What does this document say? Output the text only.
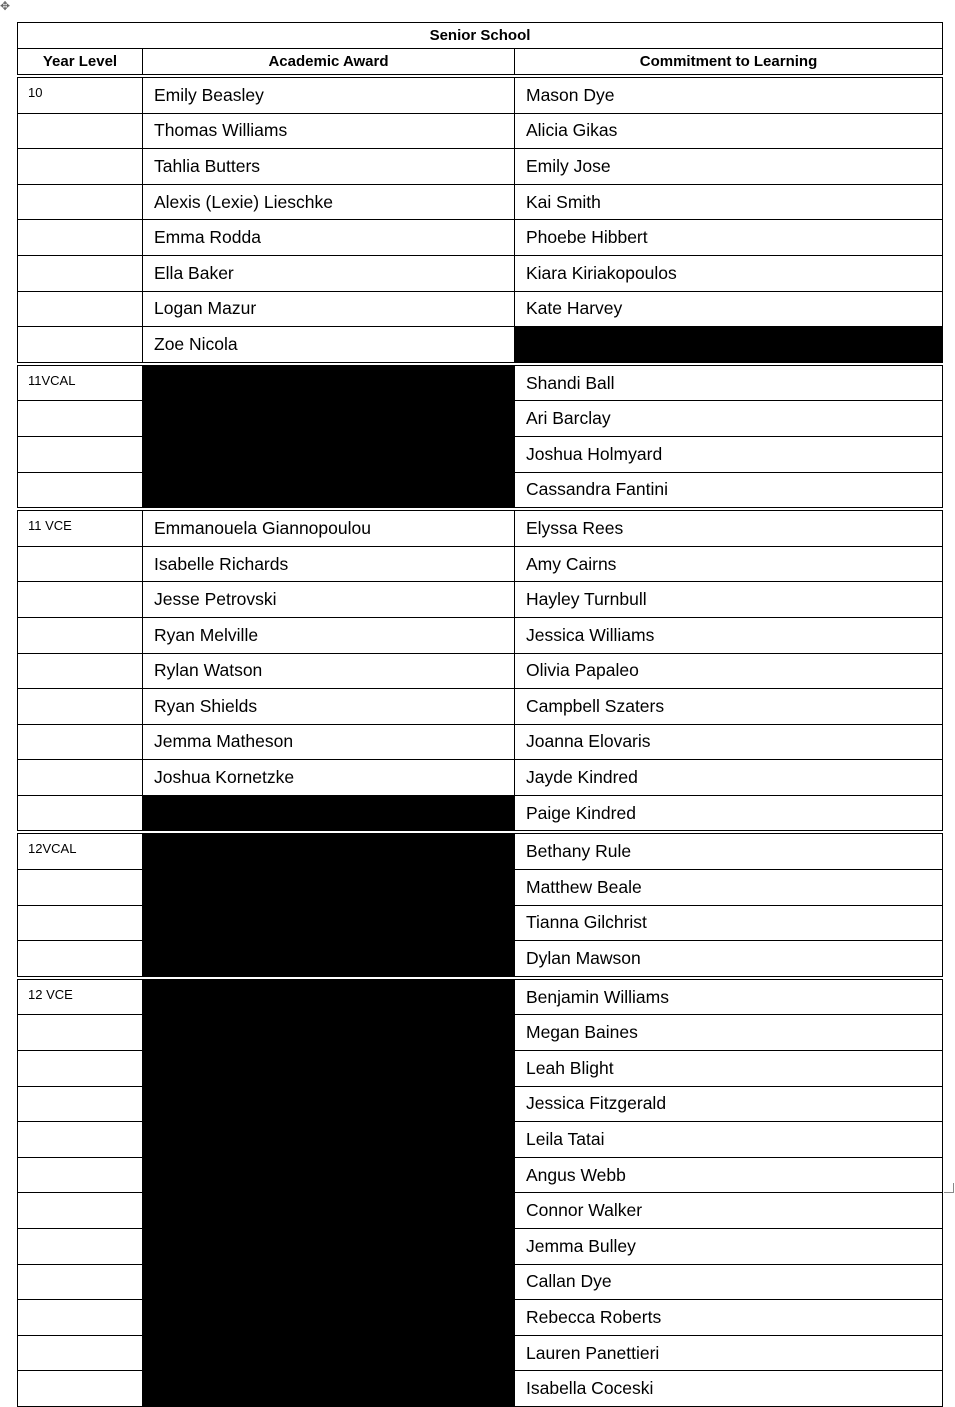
✥
Senior School		
Year Level	Academic Award	Commitment to Learning
10	Emily Beasley	Mason Dye
	Thomas Williams	Alicia Gikas
	Tahlia Butters	Emily Jose
	Alexis (Lexie) Lieschke	Kai Smith
	Emma Rodda	Phoebe Hibbert
	Ella Baker	Kiara Kiriakopoulos
	Logan Mazur	Kate Harvey
	Zoe Nicola	
11VCAL		Shandi Ball
		Ari Barclay
		Joshua Holmyard
		Cassandra Fantini
11 VCE	Emmanouela Giannopoulou	Elyssa Rees
	Isabelle Richards	Amy Cairns
	Jesse Petrovski	Hayley Turnbull
	Ryan Melville	Jessica Williams
	Rylan Watson	Olivia Papaleo
	Ryan Shields	Campbell Szaters
	Jemma Matheson	Joanna Elovaris
	Joshua Kornetzke	Jayde Kindred
		Paige Kindred
12VCAL		Bethany Rule
		Matthew Beale
		Tianna Gilchrist
		Dylan Mawson
12 VCE		Benjamin Williams
		Megan Baines
		Leah Blight
		Jessica Fitzgerald
		Leila Tatai
		Angus Webb
		Connor Walker
		Jemma Bulley
		Callan Dye
		Rebecca Roberts
		Lauren Panettieri
		Isabella Coceski
